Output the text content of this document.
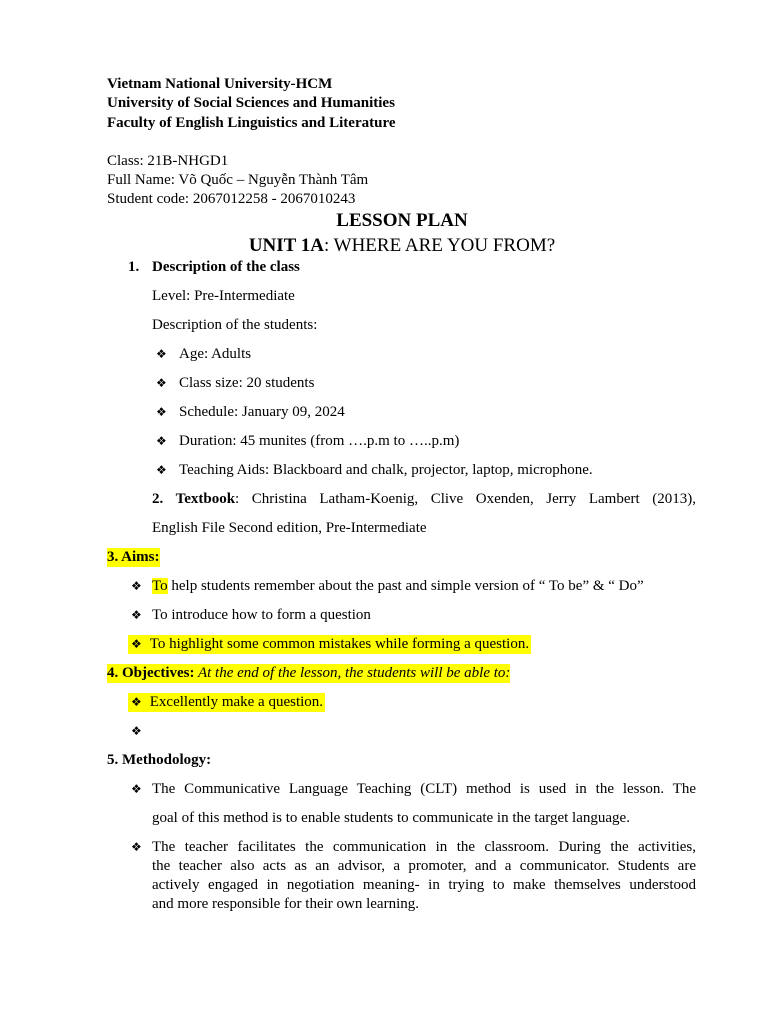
Vietnam National University-HCM
University of Social Sciences and Humanities
Faculty of English Linguistics and Literature
Class: 21B-NHGD1
Full Name: Võ Quốc – Nguyễn Thành Tâm
Student code: 2067012258 - 2067010243
LESSON PLAN
UNIT 1A: WHERE ARE YOU FROM?
1. Description of the class
Level: Pre-Intermediate
Description of the students:
❖ Age: Adults
❖ Class size: 20 students
❖ Schedule: January 09, 2024
❖ Duration: 45 munites (from ….p.m to …..p.m)
❖ Teaching Aids: Blackboard and chalk, projector, laptop, microphone.
2. Textbook: Christina Latham-Koenig, Clive Oxenden, Jerry Lambert (2013),
English File Second edition, Pre-Intermediate
3. Aims:
❖ To help students remember about the past and simple version of “ To be” & “ Do”
❖ To introduce how to form a question
❖ To highlight some common mistakes while forming a question.
4. Objectives: At the end of the lesson, the students will be able to:
❖ Excellently make a question.
❖
5. Methodology:
❖ The Communicative Language Teaching (CLT) method is used in the lesson. The
goal of this method is to enable students to communicate in the target language.
❖ The teacher facilitates the communication in the classroom. During the activities,
the teacher also acts as an advisor, a promoter, and a communicator. Students are
actively engaged in negotiation meaning- in trying to make themselves understood
and more responsible for their own learning.
